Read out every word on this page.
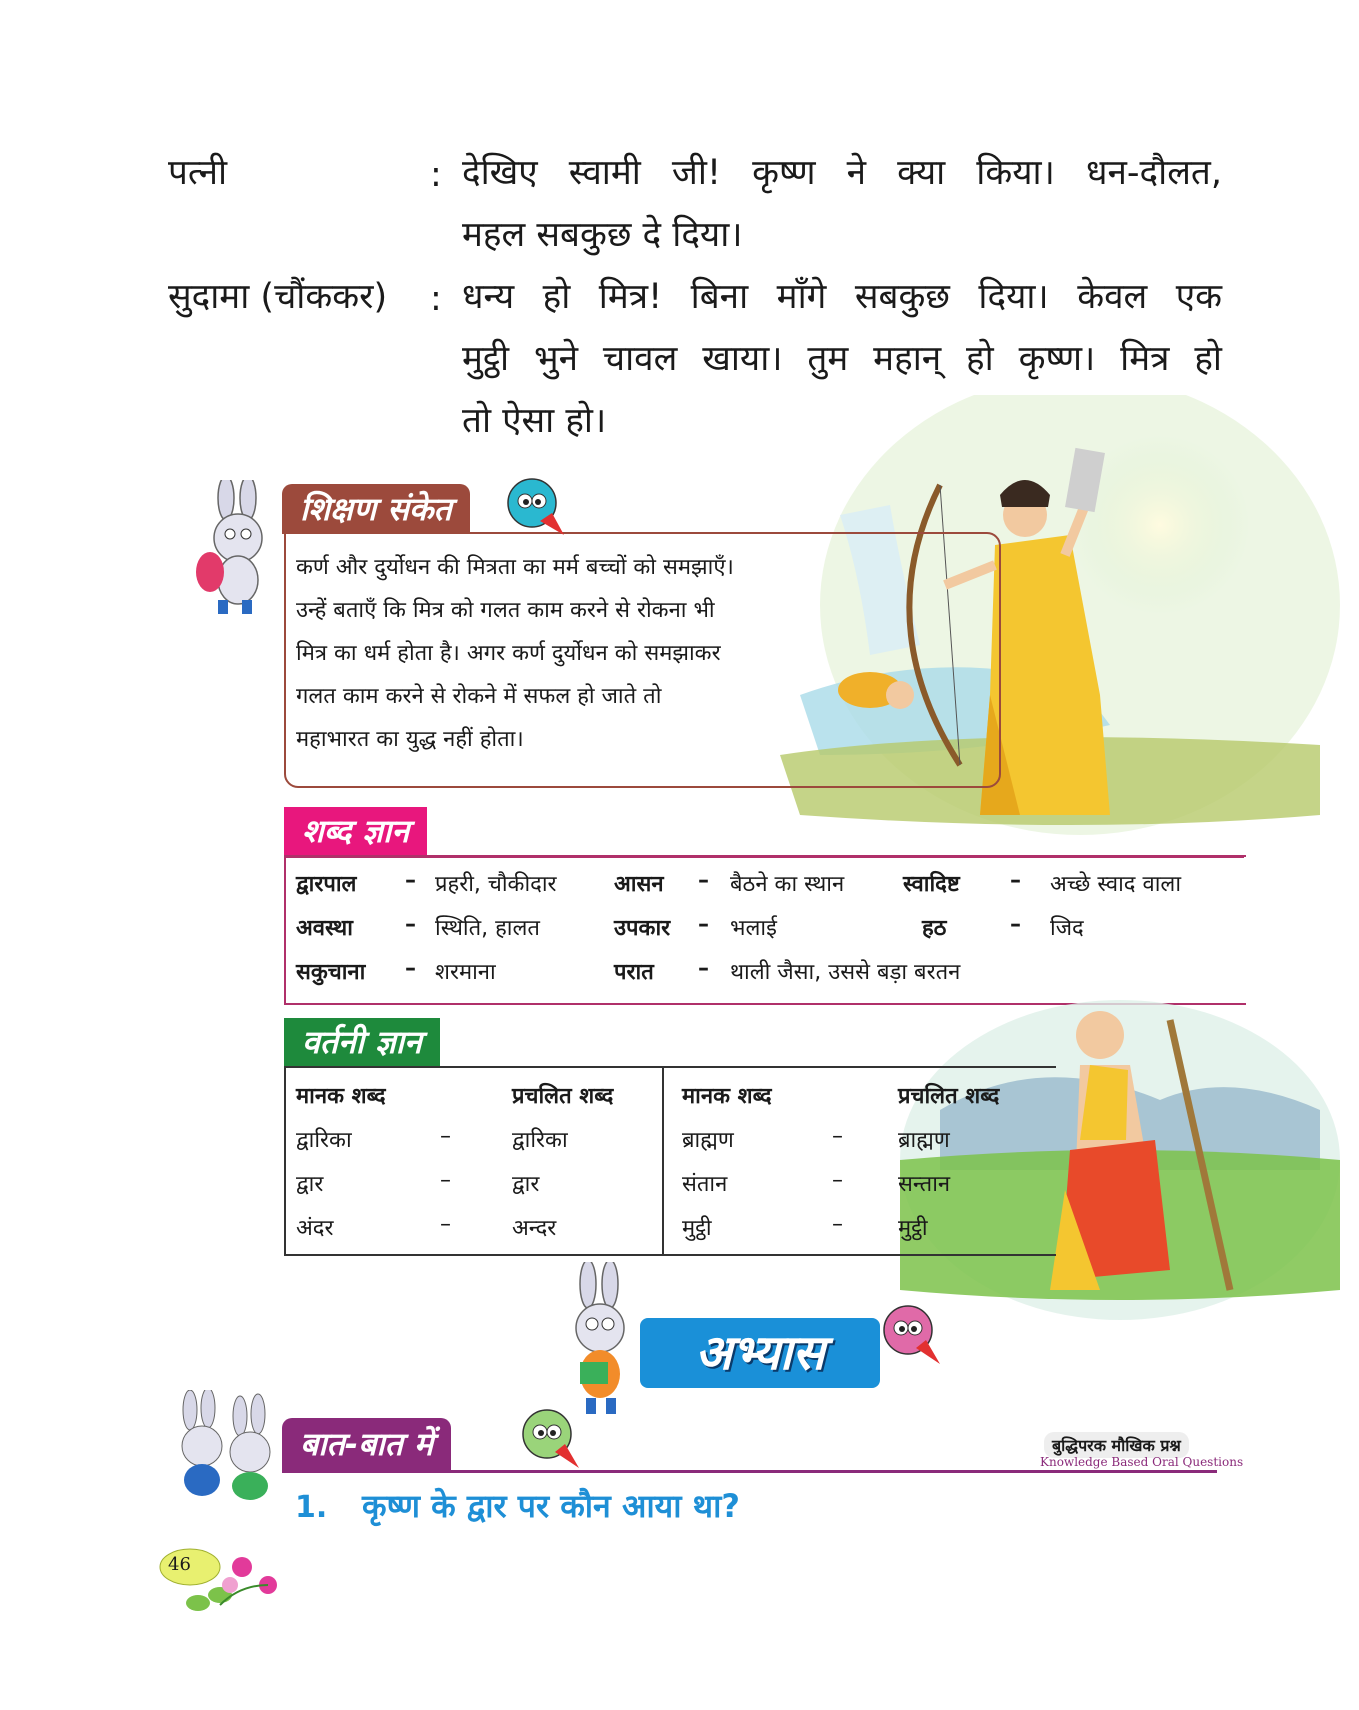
पत्नी	: देखिए स्वामी जी! कृष्ण ने क्या किया। धन-दौलत,
महल सबकुछ दे दिया।
सुदामा (चौंककर) : धन्य हो मित्र! बिना माँगे सबकुछ दिया। केवल एक
मुट्ठी भुने चावल खाया। तुम महान् हो कृष्ण। मित्र हो
तो ऐसा हो।
शिक्षण संकेत
कर्ण और दुर्योधन की मित्रता का मर्म बच्चों को समझाएँ।
उन्हें बताएँ कि मित्र को गलत काम करने से रोकना भी
मित्र का धर्म होता है। अगर कर्ण दुर्योधन को समझाकर
गलत काम करने से रोकने में सफल हो जाते तो
महाभारत का युद्ध नहीं होता।
शब्द ज्ञान
द्वारपाल – प्रहरी, चौकीदार	आसन – बैठने का स्थान	स्वादिष्ट – अच्छे स्वाद वाला
अवस्था – स्थिति, हालत	उपकार – भलाई	हठ	– जिद
सकुचाना – शरमाना	परात – थाली जैसा, उससे बड़ा बरतन
वर्तनी ज्ञान
मानक शब्द	प्रचलित शब्द	मानक शब्द	प्रचलित शब्द
द्वारिका	–	द्वारिका	ब्राह्मण	–	ब्राह्मण
द्वार	–	द्वार	संतान	–	सन्तान
अंदर	–	अन्दर	मुट्ठी	–	मुट्ठी
अभ्यास
बात-बात में	बुद्धिपरक मौखिक प्रश्न
Knowledge Based Oral Questions
1. कृष्ण के द्वार पर कौन आया था?
46
